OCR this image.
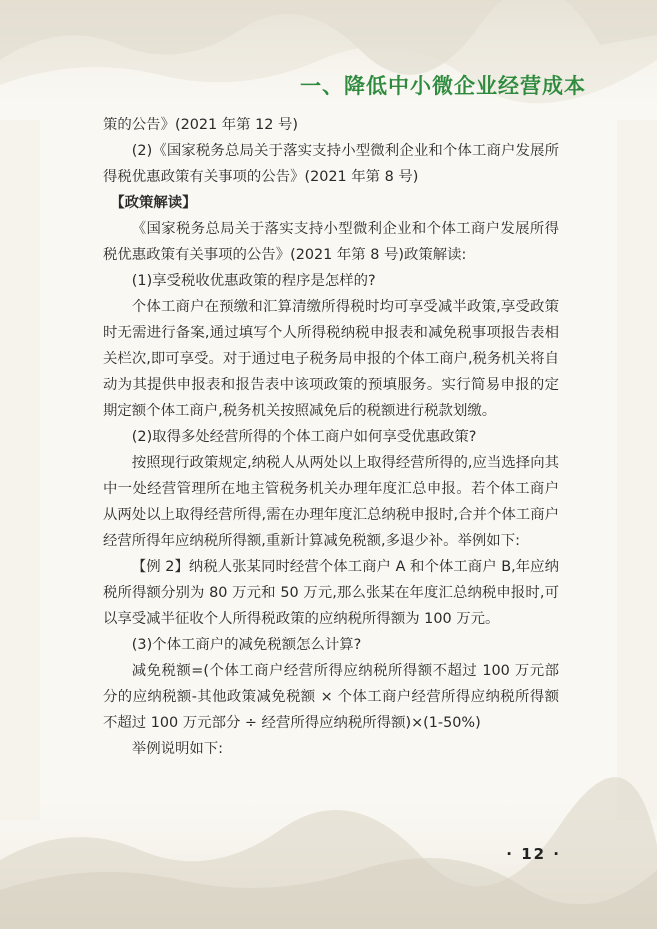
一、降低中小微企业经营成本

策的公告》(2021 年第 12 号)

(2)《国家税务总局关于落实支持小型微利企业和个体工商户发展所得税优惠政策有关事项的公告》(2021 年第 8 号)

【政策解读】

《国家税务总局关于落实支持小型微利企业和个体工商户发展所得税优惠政策有关事项的公告》(2021 年第 8 号)政策解读:

(1)享受税收优惠政策的程序是怎样的?

个体工商户在预缴和汇算清缴所得税时均可享受减半政策,享受政策时无需进行备案,通过填写个人所得税纳税申报表和减免税事项报告表相关栏次,即可享受。对于通过电子税务局申报的个体工商户,税务机关将自动为其提供申报表和报告表中该项政策的预填服务。实行简易申报的定期定额个体工商户,税务机关按照减免后的税额进行税款划缴。

(2)取得多处经营所得的个体工商户如何享受优惠政策?

按照现行政策规定,纳税人从两处以上取得经营所得的,应当选择向其中一处经营管理所在地主管税务机关办理年度汇总申报。若个体工商户从两处以上取得经营所得,需在办理年度汇总纳税申报时,合并个体工商户经营所得年应纳税所得额,重新计算减免税额,多退少补。举例如下:

【例 2】纳税人张某同时经营个体工商户 A 和个体工商户 B,年应纳税所得额分别为 80 万元和 50 万元,那么张某在年度汇总纳税申报时,可以享受减半征收个人所得税政策的应纳税所得额为 100 万元。

(3)个体工商户的减免税额怎么计算?

减免税额=(个体工商户经营所得应纳税所得额不超过 100 万元部分的应纳税额-其他政策减免税额 × 个体工商户经营所得应纳税所得额不超过 100 万元部分 ÷ 经营所得应纳税所得额)×(1-50%)

举例说明如下:

· 12 ·
